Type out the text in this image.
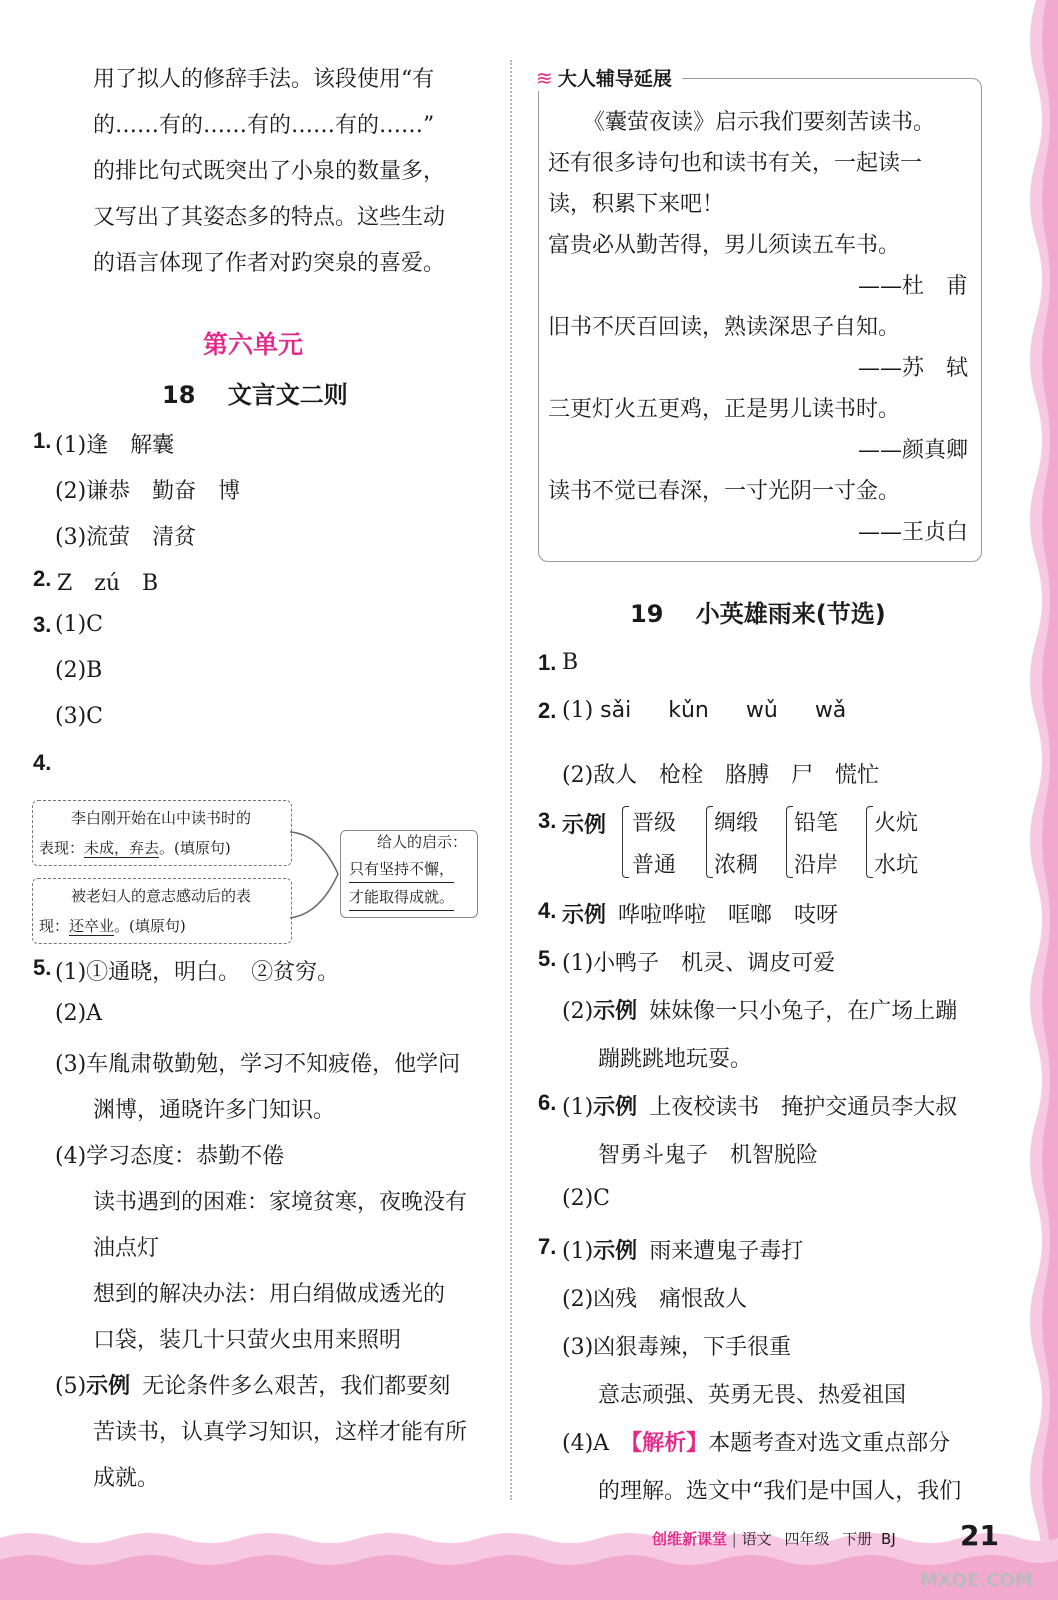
用了拟人的修辞手法。该段使用“有
的……有的……有的……有的……”
的排比句式既突出了小泉的数量多，
又写出了其姿态多的特点。这些生动
的语言体现了作者对趵突泉的喜爱。
第六单元
18 文言文二则
1. (1)逢　解囊
(2)谦恭　勤奋　博
(3)流萤　清贫
2. Z　zú　B
3. (1)C
(2)B
(3)C
4.
李白刚开始在山中读书时的
表现：未成，弃去。(填原句)
被老妇人的意志感动后的表
现：还卒业。(填原句)
给人的启示：
只有坚持不懈，
才能取得成就。
5. (1)①通晓，明白。　②贫穷。
(2)A
(3)车胤肃敬勤勉，学习不知疲倦，他学问
渊博，通晓许多门知识。
(4)学习态度：恭勤不倦
读书遇到的困难：家境贫寒，夜晚没有
油点灯
想到的解决办法：用白绢做成透光的
口袋，装几十只萤火虫用来照明
(5)示例 无论条件多么艰苦，我们都要刻
苦读书，认真学习知识，这样才能有所
成就。
≋ 大人辅导延展
《囊萤夜读》启示我们要刻苦读书。
还有很多诗句也和读书有关，一起读一
读，积累下来吧！
富贵必从勤苦得，男儿须读五车书。
——杜　甫
旧书不厌百回读，熟读深思子自知。
——苏　轼
三更灯火五更鸡，正是男儿读书时。
——颜真卿
读书不觉已春深，一寸光阴一寸金。
——王贞白
19 小英雄雨来(节选)
1. B
2. (1) sǎi kǔn wǔ wǎ
(2)敌人　枪栓　胳膊　尸　慌忙
3. 示例 晋级
普通
绸缎
浓稠
铅笔
沿岸
火炕
水坑
4. 示例 哗啦哗啦　哐啷　吱呀
5. (1)小鸭子　机灵、调皮可爱
(2)示例 妹妹像一只小兔子，在广场上蹦
蹦跳跳地玩耍。
6. (1)示例 上夜校读书　掩护交通员李大叔
智勇斗鬼子　机智脱险
(2)C
7. (1)示例 雨来遭鬼子毒打
(2)凶残　痛恨敌人
(3)凶狠毒辣，下手很重
意志顽强、英勇无畏、热爱祖国
(4)A　【解析】本题考查对选文重点部分
的理解。选文中“我们是中国人，我们
创维新课堂 | 语文 四年级 下册 BJ 21
MXQE.COM
